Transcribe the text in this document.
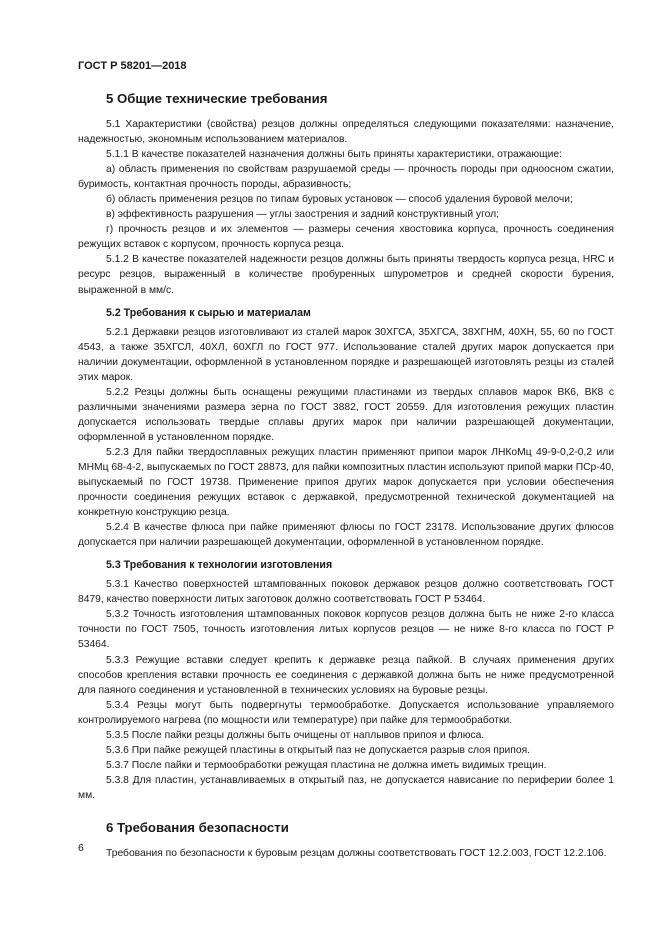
ГОСТ Р 58201—2018
5 Общие технические требования

5.1 Характеристики (свойства) резцов должны определяться следующими показателями: назначение, надежностью, экономным использованием материалов.

5.1.1 В качестве показателей назначения должны быть приняты характеристики, отражающие:

а) область применения по свойствам разрушаемой среды — прочность породы при одноосном сжатии, буримость, контактная прочность породы, абразивность;

б) область применения резцов по типам буровых установок — способ удаления буровой мелочи;

в) эффективность разрушения — углы заострения и задний конструктивный угол;

г) прочность резцов и их элементов — размеры сечения хвостовика корпуса, прочность соединения режущих вставок с корпусом, прочность корпуса резца.

5.1.2 В качестве показателей надежности резцов должны быть приняты твердость корпуса резца, HRC и ресурс резцов, выраженный в количестве пробуренных шпурометров и средней скорости бурения, выраженной в мм/с.

5.2 Требования к сырью и материалам

5.2.1 Державки резцов изготовливают из сталей марок 30ХГСА, 35ХГСА, 38ХГНМ, 40ХН, 55, 60 по ГОСТ 4543, а также 35ХГСЛ, 40ХЛ, 60ХГЛ по ГОСТ 977. Использование сталей других марок допускается при наличии документации, оформленной в установленном порядке и разрешающей изготовлять резцы из сталей этих марок.

5.2.2 Резцы должны быть оснащены режущими пластинами из твердых сплавов марок ВК6, ВК8 с различными значениями размера зерна по ГОСТ 3882, ГОСТ 20559. Для изготовления режущих пластин допускается использовать твердые сплавы других марок при наличии разрешающей документации, оформленной в установленном порядке.

5.2.3 Для пайки твердосплавных режущих пластин применяют припои марок ЛНКоМц 49-9-0,2-0,2 или МНМц 68-4-2, выпускаемых по ГОСТ 28873, для пайки композитных пластин используют припой марки ПСр-40, выпускаемый по ГОСТ 19738. Применение припоя других марок допускается при условии обеспечения прочности соединения режущих вставок с державкой, предусмотренной технической документацией на конкретную конструкцию резца.

5.2.4 В качестве флюса при пайке применяют флюсы по ГОСТ 23178. Использование других флюсов допускается при наличии разрешающей документации, оформленной в установленном порядке.

5.3 Требования к технологии изготовления

5.3.1 Качество поверхностей штампованных поковок державок резцов должно соответствовать ГОСТ 8479, качество поверхности литых заготовок должно соответствовать ГОСТ Р 53464.

5.3.2 Точность изготовления штампованных поковок корпусов резцов должна быть не ниже 2-го класса точности по ГОСТ 7505, точность изготовления литых корпусов резцов — не ниже 8-го класса по ГОСТ Р 53464.

5.3.3 Режущие вставки следует крепить к державке резца пайкой. В случаях применения других способов крепления вставки прочность ее соединения с державкой должна быть не ниже предусмотренной для паяного соединения и установленной в технических условиях на буровые резцы.

5.3.4 Резцы могут быть подвергнуты термообработке. Допускается использование управляемого контролируемого нагрева (по мощности или температуре) при пайке для термообработки.

5.3.5 После пайки резцы должны быть очищены от наплывов припоя и флюса.

5.3.6 При пайке режущей пластины в открытый паз не допускается разрыв слоя припоя.

5.3.7 После пайки и термообработки режущая пластина не должна иметь видимых трещин.

5.3.8 Для пластин, устанавливаемых в открытый паз, не допускается нависание по периферии более 1 мм.

6 Требования безопасности

Требования по безопасности к буровым резцам должны соответствовать ГОСТ 12.2.003, ГОСТ 12.2.106.

6
